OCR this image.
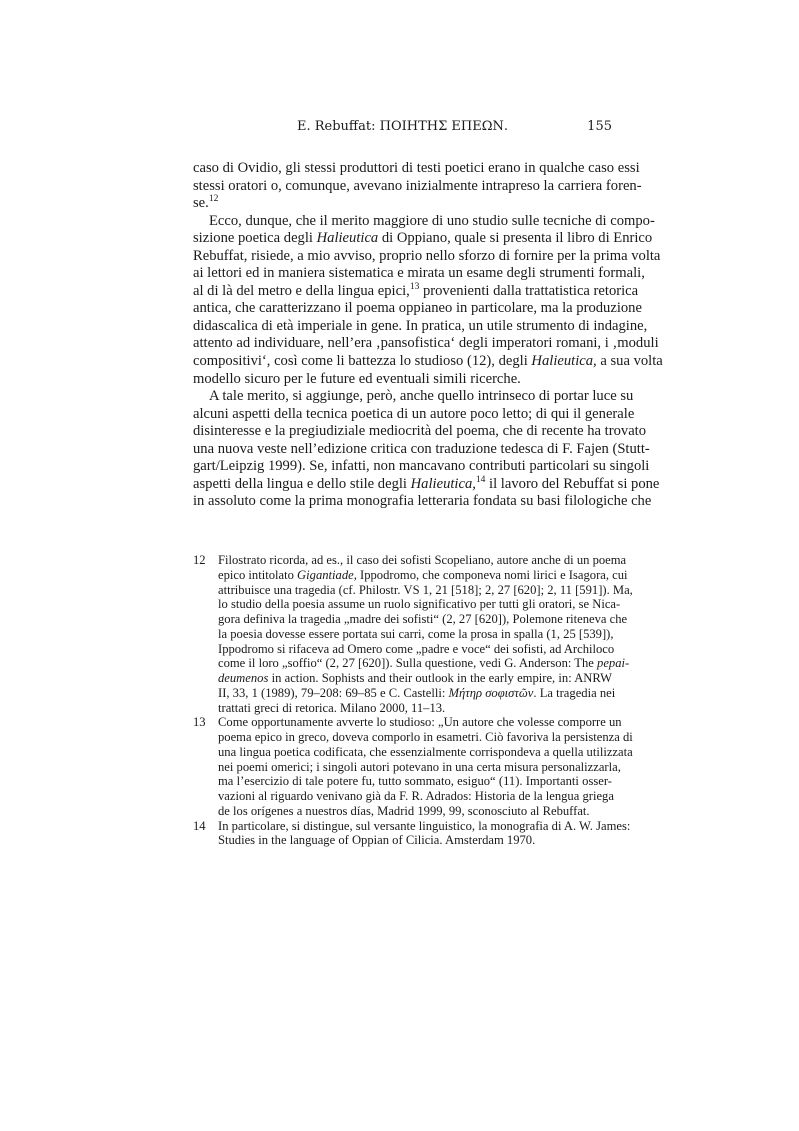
E. Rebuffat: ΠΟΙΗΤΗΣ ΕΠΕΩΝ.	155
caso di Ovidio, gli stessi produttori di testi poetici erano in qualche caso essi
stessi oratori o, comunque, avevano inizialmente intrapreso la carriera foren-
se.$^{12}$
Ecco, dunque, che il merito maggiore di uno studio sulle tecniche di compo-
sizione poetica degli Halieutica di Oppiano, quale si presenta il libro di Enrico
Rebuffat, risiede, a mio avviso, proprio nello sforzo di fornire per la prima volta
ai lettori ed in maniera sistematica e mirata un esame degli strumenti formali,
al di là del metro e della lingua epici,$^{13}$ provenienti dalla trattatistica retorica
antica, che caratterizzano il poema oppianeo in particolare, ma la produzione
didascalica di età imperiale in gene. In pratica, un utile strumento di indagine,
attento ad individuare, nell’era ‚pansofistica‘ degli imperatori romani, i ‚moduli
compositivi‘, così come li battezza lo studioso (12), degli Halieutica, a sua volta
modello sicuro per le future ed eventuali simili ricerche.
A tale merito, si aggiunge, però, anche quello intrinseco di portar luce su
alcuni aspetti della tecnica poetica di un autore poco letto; di qui il generale
disinteresse e la pregiudiziale mediocrità del poema, che di recente ha trovato
una nuova veste nell’edizione critica con traduzione tedesca di F. Fajen (Stutt-
gart/Leipzig 1999). Se, infatti, non mancavano contributi particolari su singoli
aspetti della lingua e dello stile degli Halieutica,$^{14}$ il lavoro del Rebuffat si pone
in assoluto come la prima monografia letteraria fondata su basi filologiche che
12 Filostrato ricorda, ad es., il caso dei sofisti Scopeliano, autore anche di un poema
epico intitolato Gigantiade, Ippodromo, che componeva nomi lirici e Isagora, cui
attribuisce una tragedia (cf. Philostr. VS 1, 21 [518]; 2, 27 [620]; 2, 11 [591]). Ma,
lo studio della poesia assume un ruolo significativo per tutti gli oratori, se Nica-
gora definiva la tragedia „madre dei sofisti“ (2, 27 [620]), Polemone riteneva che
la poesia dovesse essere portata sui carri, come la prosa in spalla (1, 25 [539]),
Ippodromo si rifaceva ad Omero come „padre e voce“ dei sofisti, ad Archiloco
come il loro „soffio“ (2, 27 [620]). Sulla questione, vedi G. Anderson: The pepai-
deumenos in action. Sophists and their outlook in the early empire, in: ANRW
II, 33, 1 (1989), 79–208: 69–85 e C. Castelli: Μήτηρ σοφιστῶν. La tragedia nei
trattati greci di retorica. Milano 2000, 11–13.
13 Come opportunamente avverte lo studioso: „Un autore che volesse comporre un
poema epico in greco, doveva comporlo in esametri. Ciò favoriva la persistenza di
una lingua poetica codificata, che essenzialmente corrispondeva a quella utilizzata
nei poemi omerici; i singoli autori potevano in una certa misura personalizzarla,
ma l’esercizio di tale potere fu, tutto sommato, esiguo“ (11). Importanti osser-
vazioni al riguardo venivano già da F. R. Adrados: Historia de la lengua griega
de los orígenes a nuestros días, Madrid 1999, 99, sconosciuto al Rebuffat.
14 In particolare, si distingue, sul versante linguistico, la monografia di A. W. James:
Studies in the language of Oppian of Cilicia. Amsterdam 1970.
